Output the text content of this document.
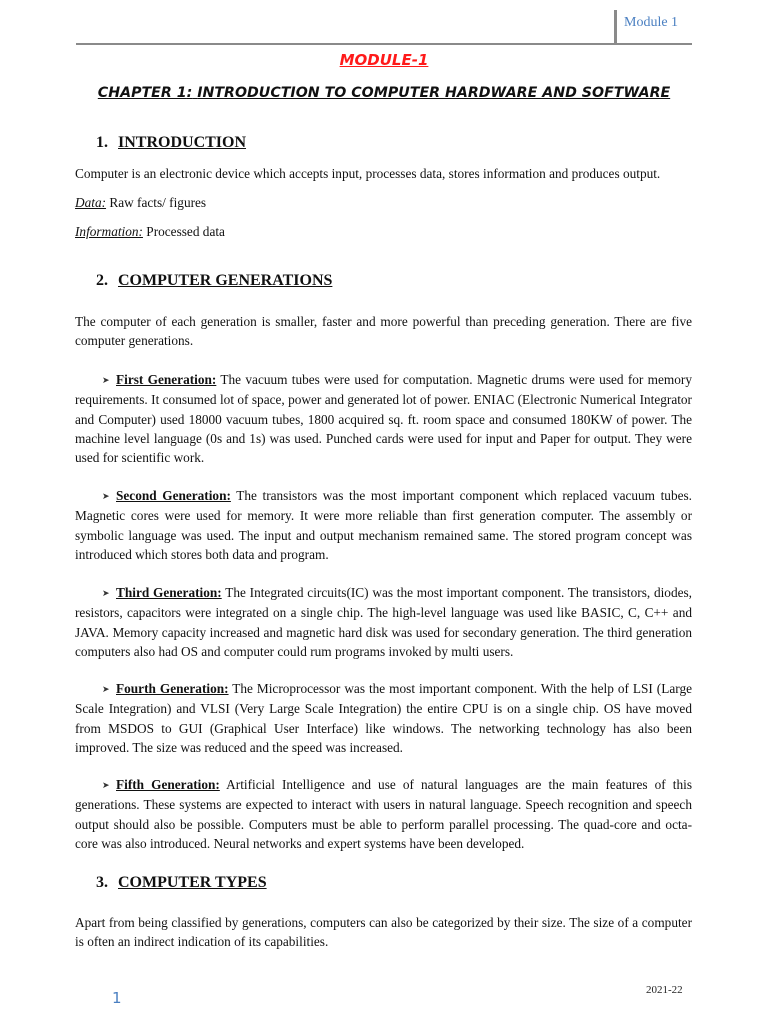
Module 1
MODULE-1
CHAPTER 1: INTRODUCTION TO COMPUTER HARDWARE AND SOFTWARE
1. INTRODUCTION

Computer is an electronic device which accepts input, processes data, stores information and produces output.

Data: Raw facts/ figures

Information: Processed data

2. COMPUTER GENERATIONS

The computer of each generation is smaller, faster and more powerful than preceding generation. There are five computer generations.

➤ First Generation: The vacuum tubes were used for computation. Magnetic drums were used for memory requirements. It consumed lot of space, power and generated lot of power. ENIAC (Electronic Numerical Integrator and Computer) used 18000 vacuum tubes, 1800 acquired sq. ft. room space and consumed 180KW of power. The machine level language (0s and 1s) was used. Punched cards were used for input and Paper for output. They were used for scientific work.

➤ Second Generation: The transistors was the most important component which replaced vacuum tubes. Magnetic cores were used for memory. It were more reliable than first generation computer. The assembly or symbolic language was used. The input and output mechanism remained same. The stored program concept was introduced which stores both data and program.

➤ Third Generation: The Integrated circuits(IC) was the most important component. The transistors, diodes, resistors, capacitors were integrated on a single chip. The high-level language was used like BASIC, C, C++ and JAVA. Memory capacity increased and magnetic hard disk was used for secondary generation. The third generation computers also had OS and computer could rum programs invoked by multi users.

➤ Fourth Generation: The Microprocessor was the most important component. With the help of LSI (Large Scale Integration) and VLSI (Very Large Scale Integration) the entire CPU is on a single chip. OS have moved from MSDOS to GUI (Graphical User Interface) like windows. The networking technology has also been improved. The size was reduced and the speed was increased.

➤ Fifth Generation: Artificial Intelligence and use of natural languages are the main features of this generations. These systems are expected to interact with users in natural language. Speech recognition and speech output should also be possible. Computers must be able to perform parallel processing. The quad-core and octa-core was also introduced. Neural networks and expert systems have been developed.

3. COMPUTER TYPES

Apart from being classified by generations, computers can also be categorized by their size. The size of a computer is often an indirect indication of its capabilities.

1	2021-22
